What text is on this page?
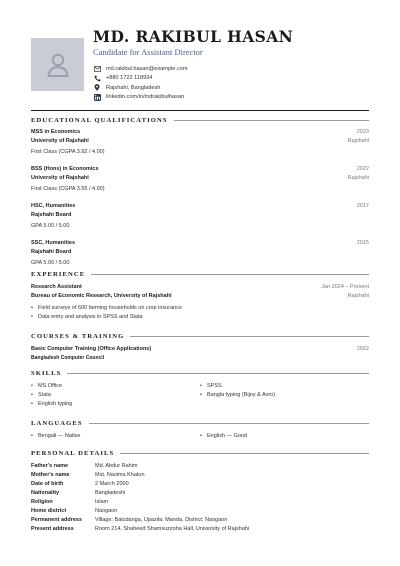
MD. RAKIBUL HASAN
Candidate for Assistant Director
md.rakibul.hasan@example.com
+880 1722 118934
Rajshahi, Bangladesh
linkedin.com/in/mdrakibulhasan
EDUCATIONAL QUALIFICATIONS
MSS in Economics	2023
University of Rajshahi	Rajshahi
First Class (CGPA 3.62 / 4.00)
BSS (Hons) in Economics	2022
University of Rajshahi	Rajshahi
First Class (CGPA 3.55 / 4.00)
HSC, Humanities	2017
Rajshahi Board
GPA 5.00 / 5.00
SSC, Humanities	2015
Rajshahi Board
GPA 5.00 / 5.00
EXPERIENCE
Research Assistant	Jan 2024 – Present
Bureau of Economic Research, University of Rajshahi	Rajshahi
• Field surveys of 600 farming households on crop insurance
• Data entry and analysis in SPSS and Stata
COURSES & TRAINING
Basic Computer Training (Office Applications)	2022
Bangladesh Computer Council
SKILLS
• MS Office	• SPSS
• Stata	• Bangla typing (Bijoy & Avro)
• English typing
LANGUAGES
• Bengali — Native	• English — Good
PERSONAL DETAILS
Father's name	Md. Abdur Rahim
Mother's name	Mst. Nasima Khatun
Date of birth	2 March 2000
Nationality	Bangladeshi
Religion	Islam
Home district	Naogaon
Permanent address	Village: Baludanga, Upazila: Manda, District: Naogaon
Present address	Room 214, Shaheed Shamsuzzoha Hall, University of Rajshahi
